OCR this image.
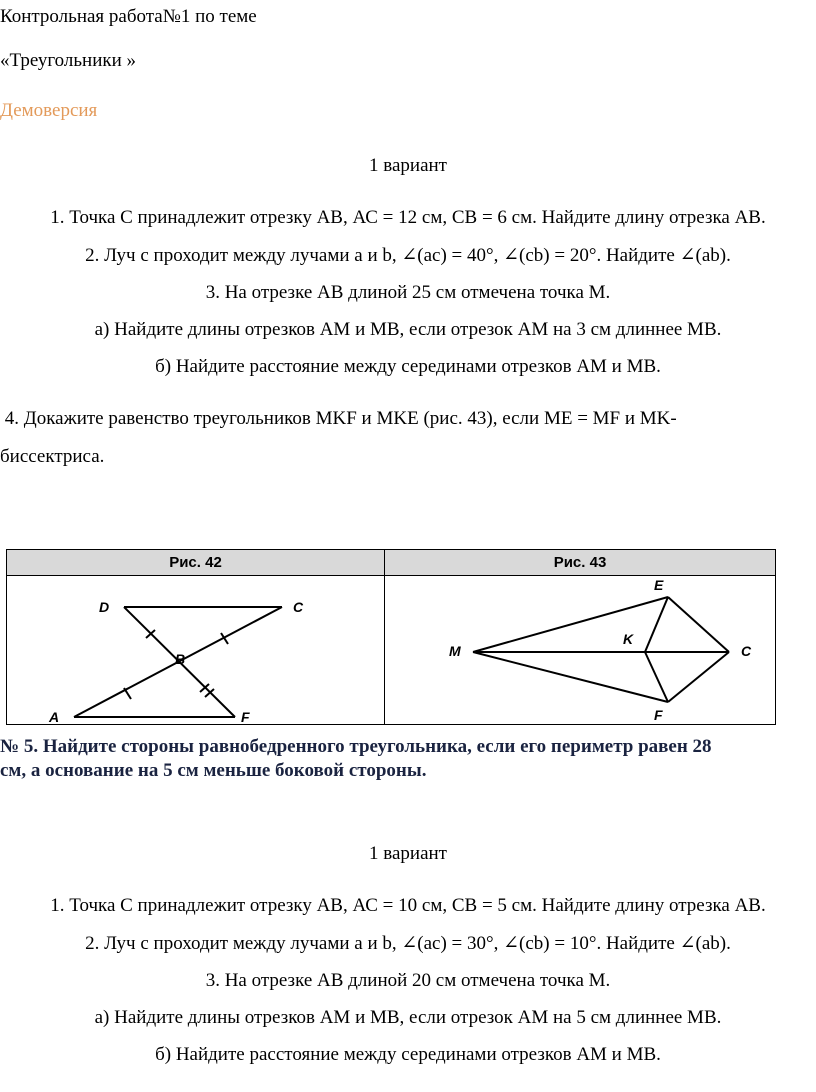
Контрольная работа№1 по теме
«Треугольники »
Демоверсия
1 вариант
1. Точка С принадлежит отрезку АВ, АС = 12 см, СВ = 6 см. Найдите длину отрезка АВ.
2. Луч с проходит между лучами а и b, ∠(ac) = 40°, ∠(cb) = 20°. Найдите ∠(ab).
3. На отрезке АВ длиной 25 см отмечена точка М.
а) Найдите длины отрезков АМ и МВ, если отрезок АМ на 3 см длиннее МВ.
б) Найдите расстояние между серединами отрезков АМ и МВ.
4. Докажите равенство треугольников MKF и MKE (рис. 43), если ME = MF и MK-
биссектриса.
Рис. 42	Рис. 43
D	C
B
A	F
E
M
K
C
F
№ 5. Найдите стороны равнобедренного треугольника, если его периметр равен 28
см, а основание на 5 см меньше боковой стороны.
1 вариант
1. Точка С принадлежит отрезку АВ, АС = 10 см, СВ = 5 см. Найдите длину отрезка АВ.
2. Луч с проходит между лучами а и b, ∠(ac) = 30°, ∠(cb) = 10°. Найдите ∠(ab).
3. На отрезке АВ длиной 20 см отмечена точка М.
а) Найдите длины отрезков АМ и МВ, если отрезок АМ на 5 см длиннее МВ.
б) Найдите расстояние между серединами отрезков АМ и МВ.
